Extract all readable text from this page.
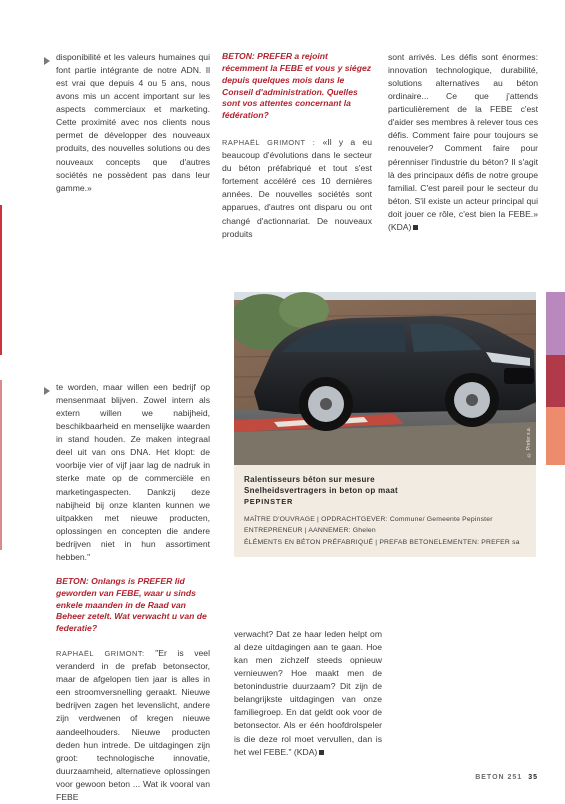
disponibilité et les valeurs humaines qui font partie intégrante de notre ADN. Il est vrai que depuis 4 ou 5 ans, nous avons mis un accent important sur les aspects commerciaux et marketing. Cette proximité avec nos clients nous permet de développer des nouveaux produits, des nouvelles solutions ou des nouveaux concepts que d'autres sociétés ne possèdent pas dans leur gamme.»

BETON: PREFER a rejoint récemment la FEBE et vous y siégez depuis quelques mois dans le Conseil d'administration. Quelles sont vos attentes concernant la fédération?

RAPHAËL GRIMONT : «Il y a eu beaucoup d'évolutions dans le secteur du béton préfabriqué et tout s'est fortement accéléré ces 10 dernières années. De nouvelles sociétés sont apparues, d'autres ont disparu ou ont changé d'actionnariat. De nouveaux produits

sont arrivés. Les défis sont énormes: innovation technologique, durabilité, solutions alternatives au béton ordinaire... Ce que j'attends particulièrement de la FEBE c'est d'aider ses membres à relever tous ces défis. Comment faire pour toujours se renouveler? Comment faire pour pérenniser l'industrie du béton? Il s'agit là des principaux défis de notre groupe familial. C'est pareil pour le secteur du béton. S'il existe un acteur principal qui doit jouer ce rôle, c'est bien la FEBE.» (KDA)

© Prefer s.a.
Ralentisseurs béton sur mesure
Snelheidsvertragers in beton op maat
PEPINSTER
MAÎTRE D'OUVRAGE | OPDRACHTGEVER: Commune/ Gemeente Pepinster
ENTREPRENEUR | AANNEMER: Ghelen
ÉLÉMENTS EN BÉTON PRÉFABRIQUÉ | PREFAB BETONELEMENTEN: PREFER sa

te worden, maar willen een bedrijf op mensenmaat blijven. Zowel intern als extern willen we nabijheid, beschikbaarheid en menselijke waarden in stand houden. Ze maken integraal deel uit van ons DNA. Het klopt: de voorbije vier of vijf jaar lag de nadruk in sterke mate op de commerciële en marketingaspecten. Dankzij deze nabijheid bij onze klanten kunnen we uitpakken met nieuwe producten, oplossingen en concepten die andere bedrijven niet in hun assortiment hebben."

BETON: Onlangs is PREFER lid geworden van FEBE, waar u sinds enkele maanden in de Raad van Beheer zetelt. Wat verwacht u van de federatie?

RAPHAËL GRIMONT: "Er is veel veranderd in de prefab betonsector, maar de afgelopen tien jaar is alles in een stroomversnelling geraakt. Nieuwe bedrijven zagen het levenslicht, andere zijn verdwenen of kregen nieuwe aandeelhouders. Nieuwe producten deden hun intrede. De uitdagingen zijn groot: technologische innovatie, duurzaamheid, alternatieve oplossingen voor gewoon beton ... Wat ik vooral van FEBE

verwacht? Dat ze haar leden helpt om al deze uitdagingen aan te gaan. Hoe kan men zichzelf steeds opnieuw vernieuwen? Hoe maakt men de betonindustrie duurzaam? Dit zijn de belangrijkste uitdagingen van onze familiegroep. En dat geldt ook voor de betonsector. Als er één hoofdrolspeler is die deze rol moet vervullen, dan is het wel FEBE." (KDA)

BETON 251 35
